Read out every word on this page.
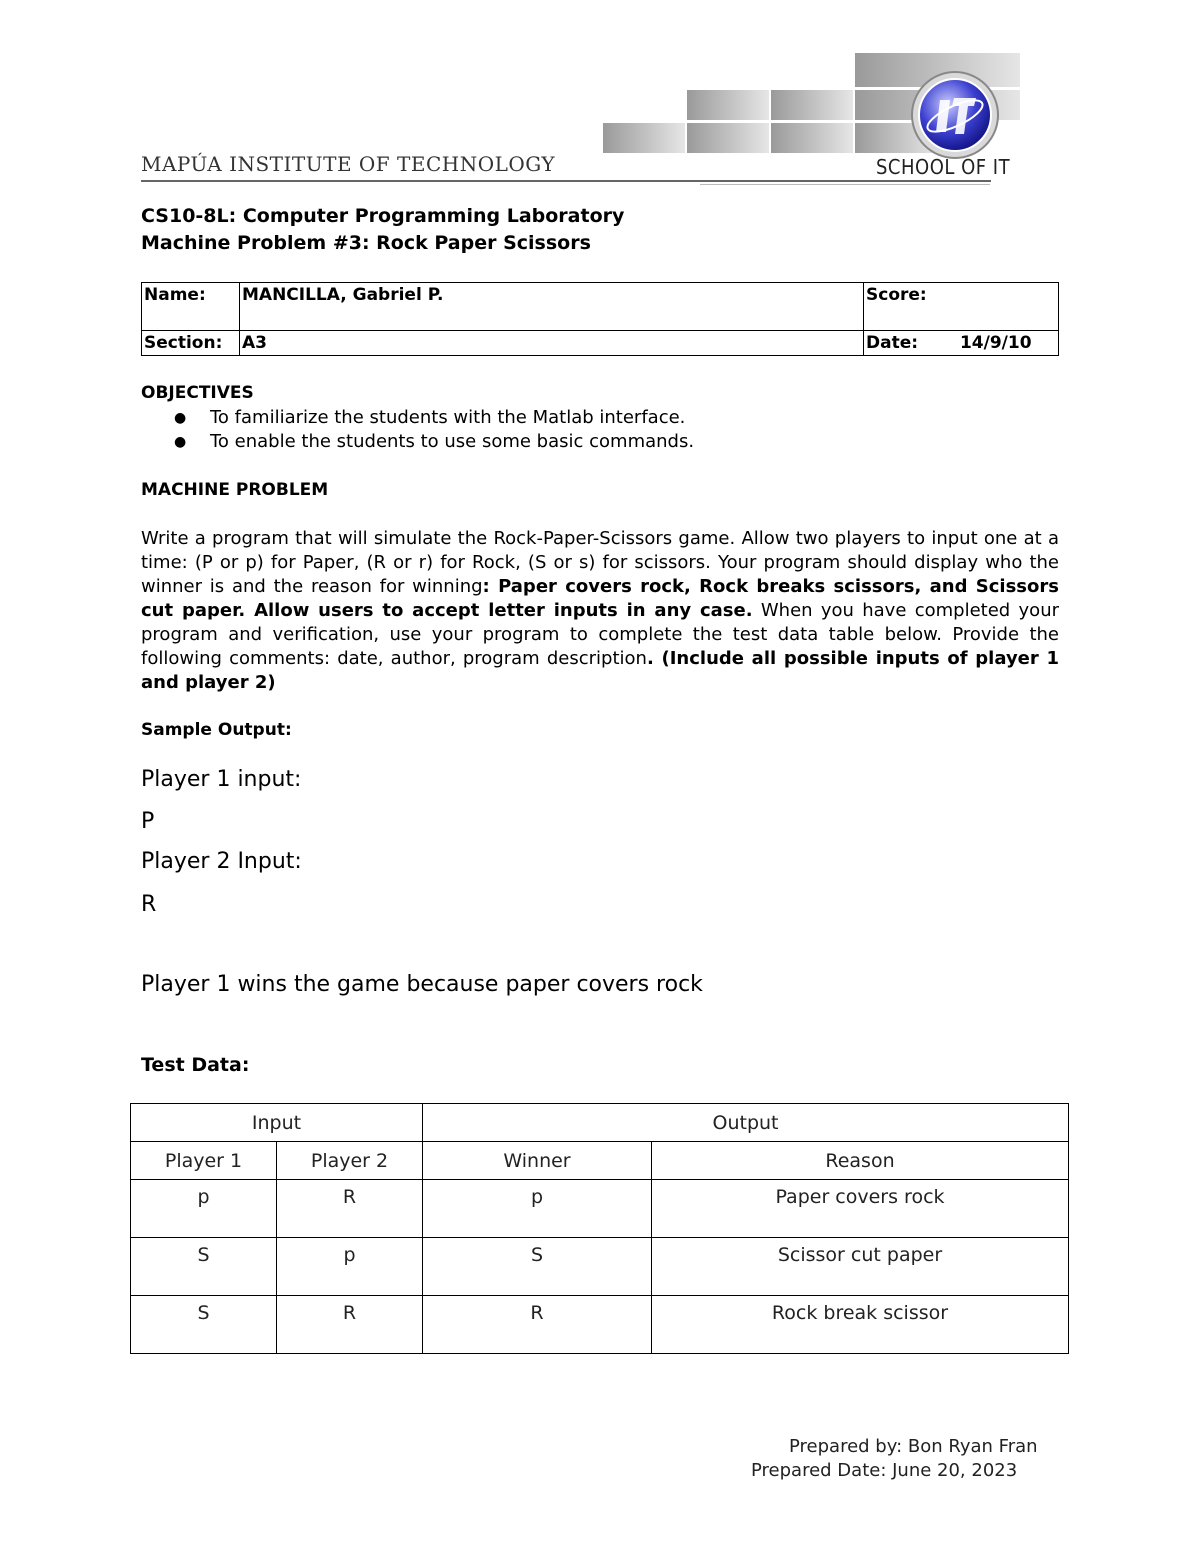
MAPÚA INSTITUTE OF TECHNOLOGY	SCHOOL OF IT
CS10-8L: Computer Programming Laboratory
Machine Problem #3: Rock Paper Scissors
Name:	MANCILLA, Gabriel P.	Score:
Section:	A3	Date: 14/9/10
OBJECTIVES
● To familiarize the students with the Matlab interface.
● To enable the students to use some basic commands.
MACHINE PROBLEM
Write a program that will simulate the Rock-Paper-Scissors game. Allow two players to input one at a time: (P or p) for Paper, (R or r) for Rock, (S or s) for scissors. Your program should display who the winner is and the reason for winning: Paper covers rock, Rock breaks scissors, and Scissors cut paper. Allow users to accept letter inputs in any case. When you have completed your program and verification, use your program to complete the test data table below. Provide the following comments: date, author, program description. (Include all possible inputs of player 1 and player 2)
Sample Output:
Player 1 input:
P
Player 2 Input:
R
Player 1 wins the game because paper covers rock
Test Data:
Input		Output	
Player 1	Player 2	Winner	Reason
p	R	p	Paper covers rock
S	p	S	Scissor cut paper
S	R	R	Rock break scissor
Prepared by: Bon Ryan Fran
Prepared Date: June 20, 2023
